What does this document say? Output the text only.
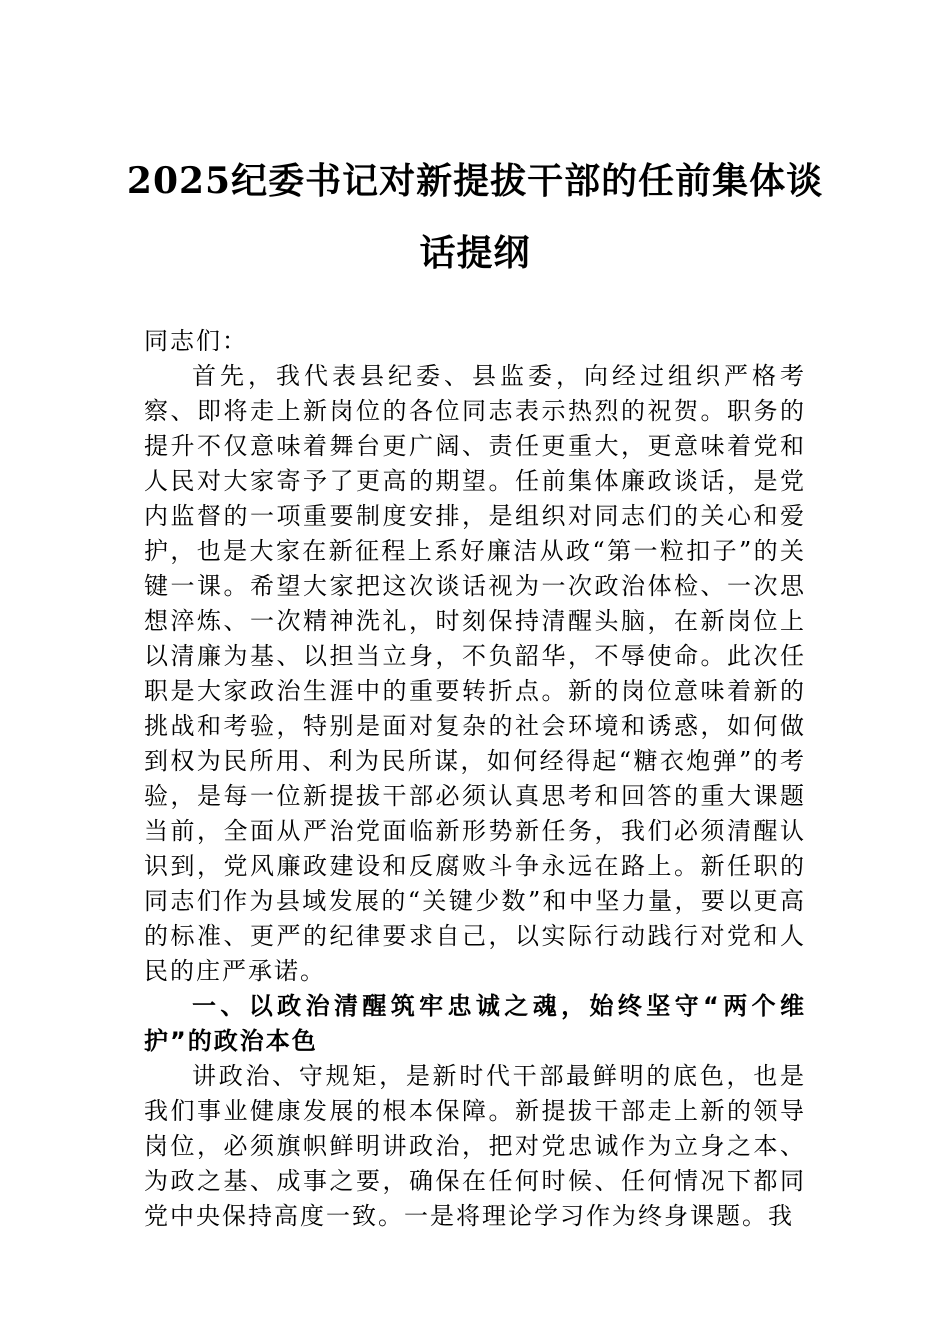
2025纪委书记对新提拔干部的任前集体谈
话提纲

同志们：

首先，我代表县纪委、县监委，向经过组织严格考察、即将走上新岗位的各位同志表示热烈的祝贺。职务的提升不仅意味着舞台更广阔、责任更重大，更意味着党和人民对大家寄予了更高的期望。任前集体廉政谈话，是党内监督的一项重要制度安排，是组织对同志们的关心和爱护，也是大家在新征程上系好廉洁从政“第一粒扣子”的关键一课。希望大家把这次谈话视为一次政治体检、一次思想淬炼、一次精神洗礼，时刻保持清醒头脑，在新岗位上以清廉为基、以担当立身，不负韶华，不辱使命。此次任职是大家政治生涯中的重要转折点。新的岗位意味着新的挑战和考验，特别是面对复杂的社会环境和诱惑，如何做到权为民所用、利为民所谋，如何经得起“糖衣炮弹”的考验，是每一位新提拔干部必须认真思考和回答的重大课题当前，全面从严治党面临新形势新任务，我们必须清醒认识到，党风廉政建设和反腐败斗争永远在路上。新任职的同志们作为县域发展的“关键少数”和中坚力量，要以更高的标准、更严的纪律要求自己，以实际行动践行对党和人民的庄严承诺。

一、以政治清醒筑牢忠诚之魂，始终坚守“两个维护”的政治本色

讲政治、守规矩，是新时代干部最鲜明的底色，也是我们事业健康发展的根本保障。新提拔干部走上新的领导岗位，必须旗帜鲜明讲政治，把对党忠诚作为立身之本、为政之基、成事之要，确保在任何时候、任何情况下都同党中央保持高度一致。一是将理论学习作为终身课题。我
